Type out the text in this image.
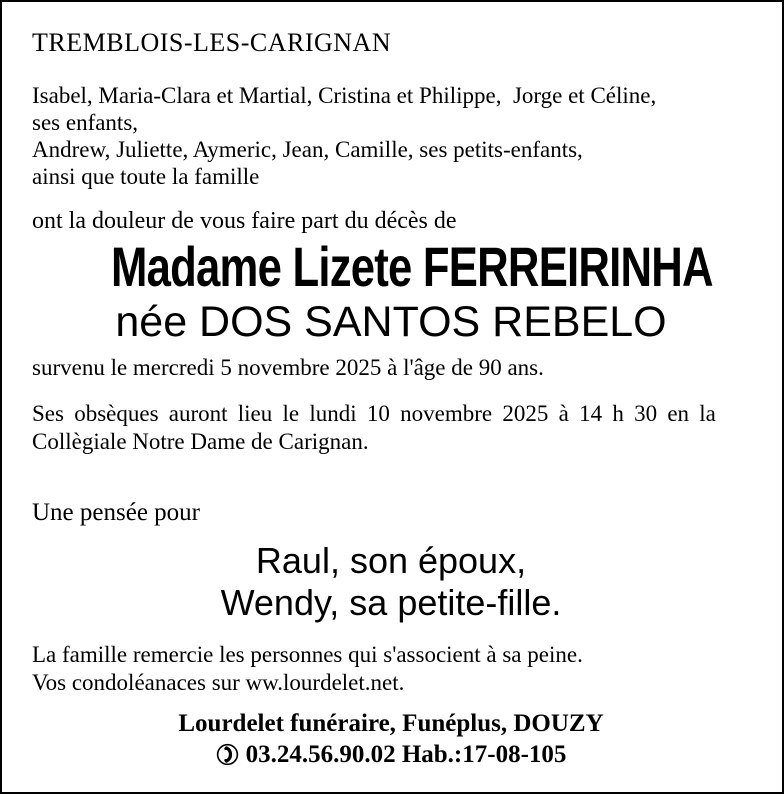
TREMBLOIS-LES-CARIGNAN
Isabel, Maria-Clara et Martial, Cristina et Philippe,  Jorge et Céline,
ses enfants,
Andrew, Juliette, Aymeric, Jean, Camille, ses petits-enfants,
ainsi que toute la famille
ont la douleur de vous faire part du décès de
Madame Lizete FERREIRINHA
née DOS SANTOS REBELO
survenu le mercredi 5 novembre 2025 à l'âge de 90 ans.
Ses obsèques auront lieu le lundi 10 novembre 2025 à 14 h 30 en la
Collègiale Notre Dame de Carignan.
Une pensée pour
Raul, son époux,
Wendy, sa petite-fille.
La famille remercie les personnes qui s'associent à sa peine.
Vos condoléanaces sur ww.lourdelet.net.
Lourdelet funéraire, Funéplus, DOUZY
03.24.56.90.02 Hab.:17-08-105
